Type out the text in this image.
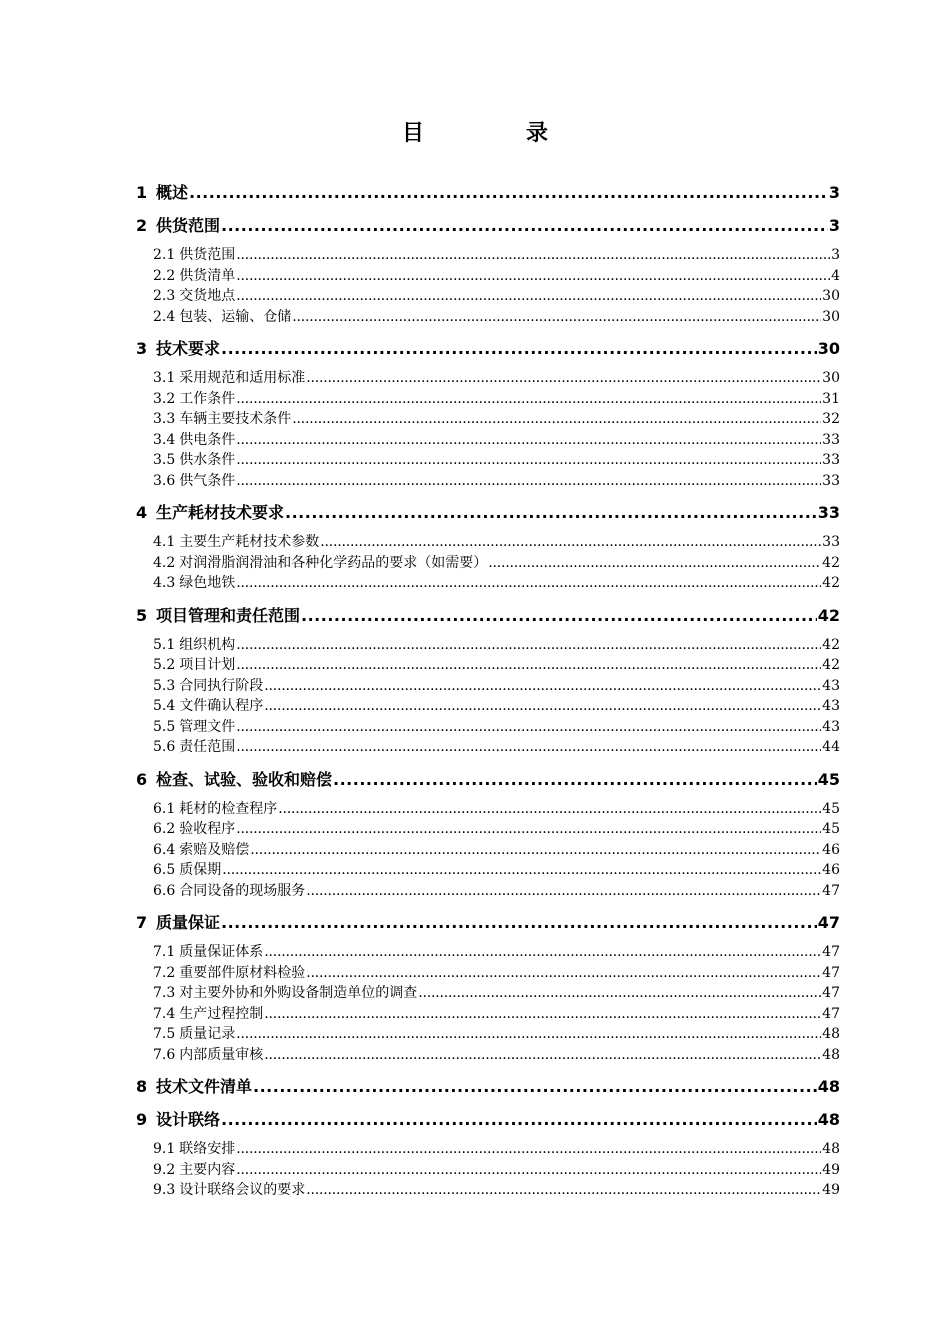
目　录
1 概述 .....	3
2 供货范围 .....	3
2.1 供货范围 .....	3
2.2 供货清单 .....	4
2.3 交货地点 .....	30
2.4 包装、运输、仓储 .....	30
3 技术要求 .....	30
3.1 采用规范和适用标准 .....	30
3.2 工作条件 .....	31
3.3 车辆主要技术条件 .....	32
3.4 供电条件 .....	33
3.5 供水条件 .....	33
3.6 供气条件 .....	33
4 生产耗材技术要求 .....	33
4.1 主要生产耗材技术参数 .....	33
4.2 对润滑脂润滑油和各种化学药品的要求（如需要） .....	42
4.3 绿色地铁 .....	42
5 项目管理和责任范围 .....	42
5.1 组织机构 .....	42
5.2 项目计划 .....	42
5.3 合同执行阶段 .....	43
5.4 文件确认程序 .....	43
5.5 管理文件 .....	43
5.6 责任范围 .....	44
6 检查、试验、验收和赔偿 .....	45
6.1 耗材的检查程序 .....	45
6.2 验收程序 .....	45
6.4 索赔及赔偿 .....	46
6.5 质保期 .....	46
6.6 合同设备的现场服务 .....	47
7 质量保证 .....	47
7.1 质量保证体系 .....	47
7.2 重要部件原材料检验 .....	47
7.3 对主要外协和外购设备制造单位的调查 .....	47
7.4 生产过程控制 .....	47
7.5 质量记录 .....	48
7.6 内部质量审核 .....	48
8 技术文件清单 .....	48
9 设计联络 .....	48
9.1 联络安排 .....	48
9.2 主要内容 .....	49
9.3 设计联络会议的要求 .....	49
